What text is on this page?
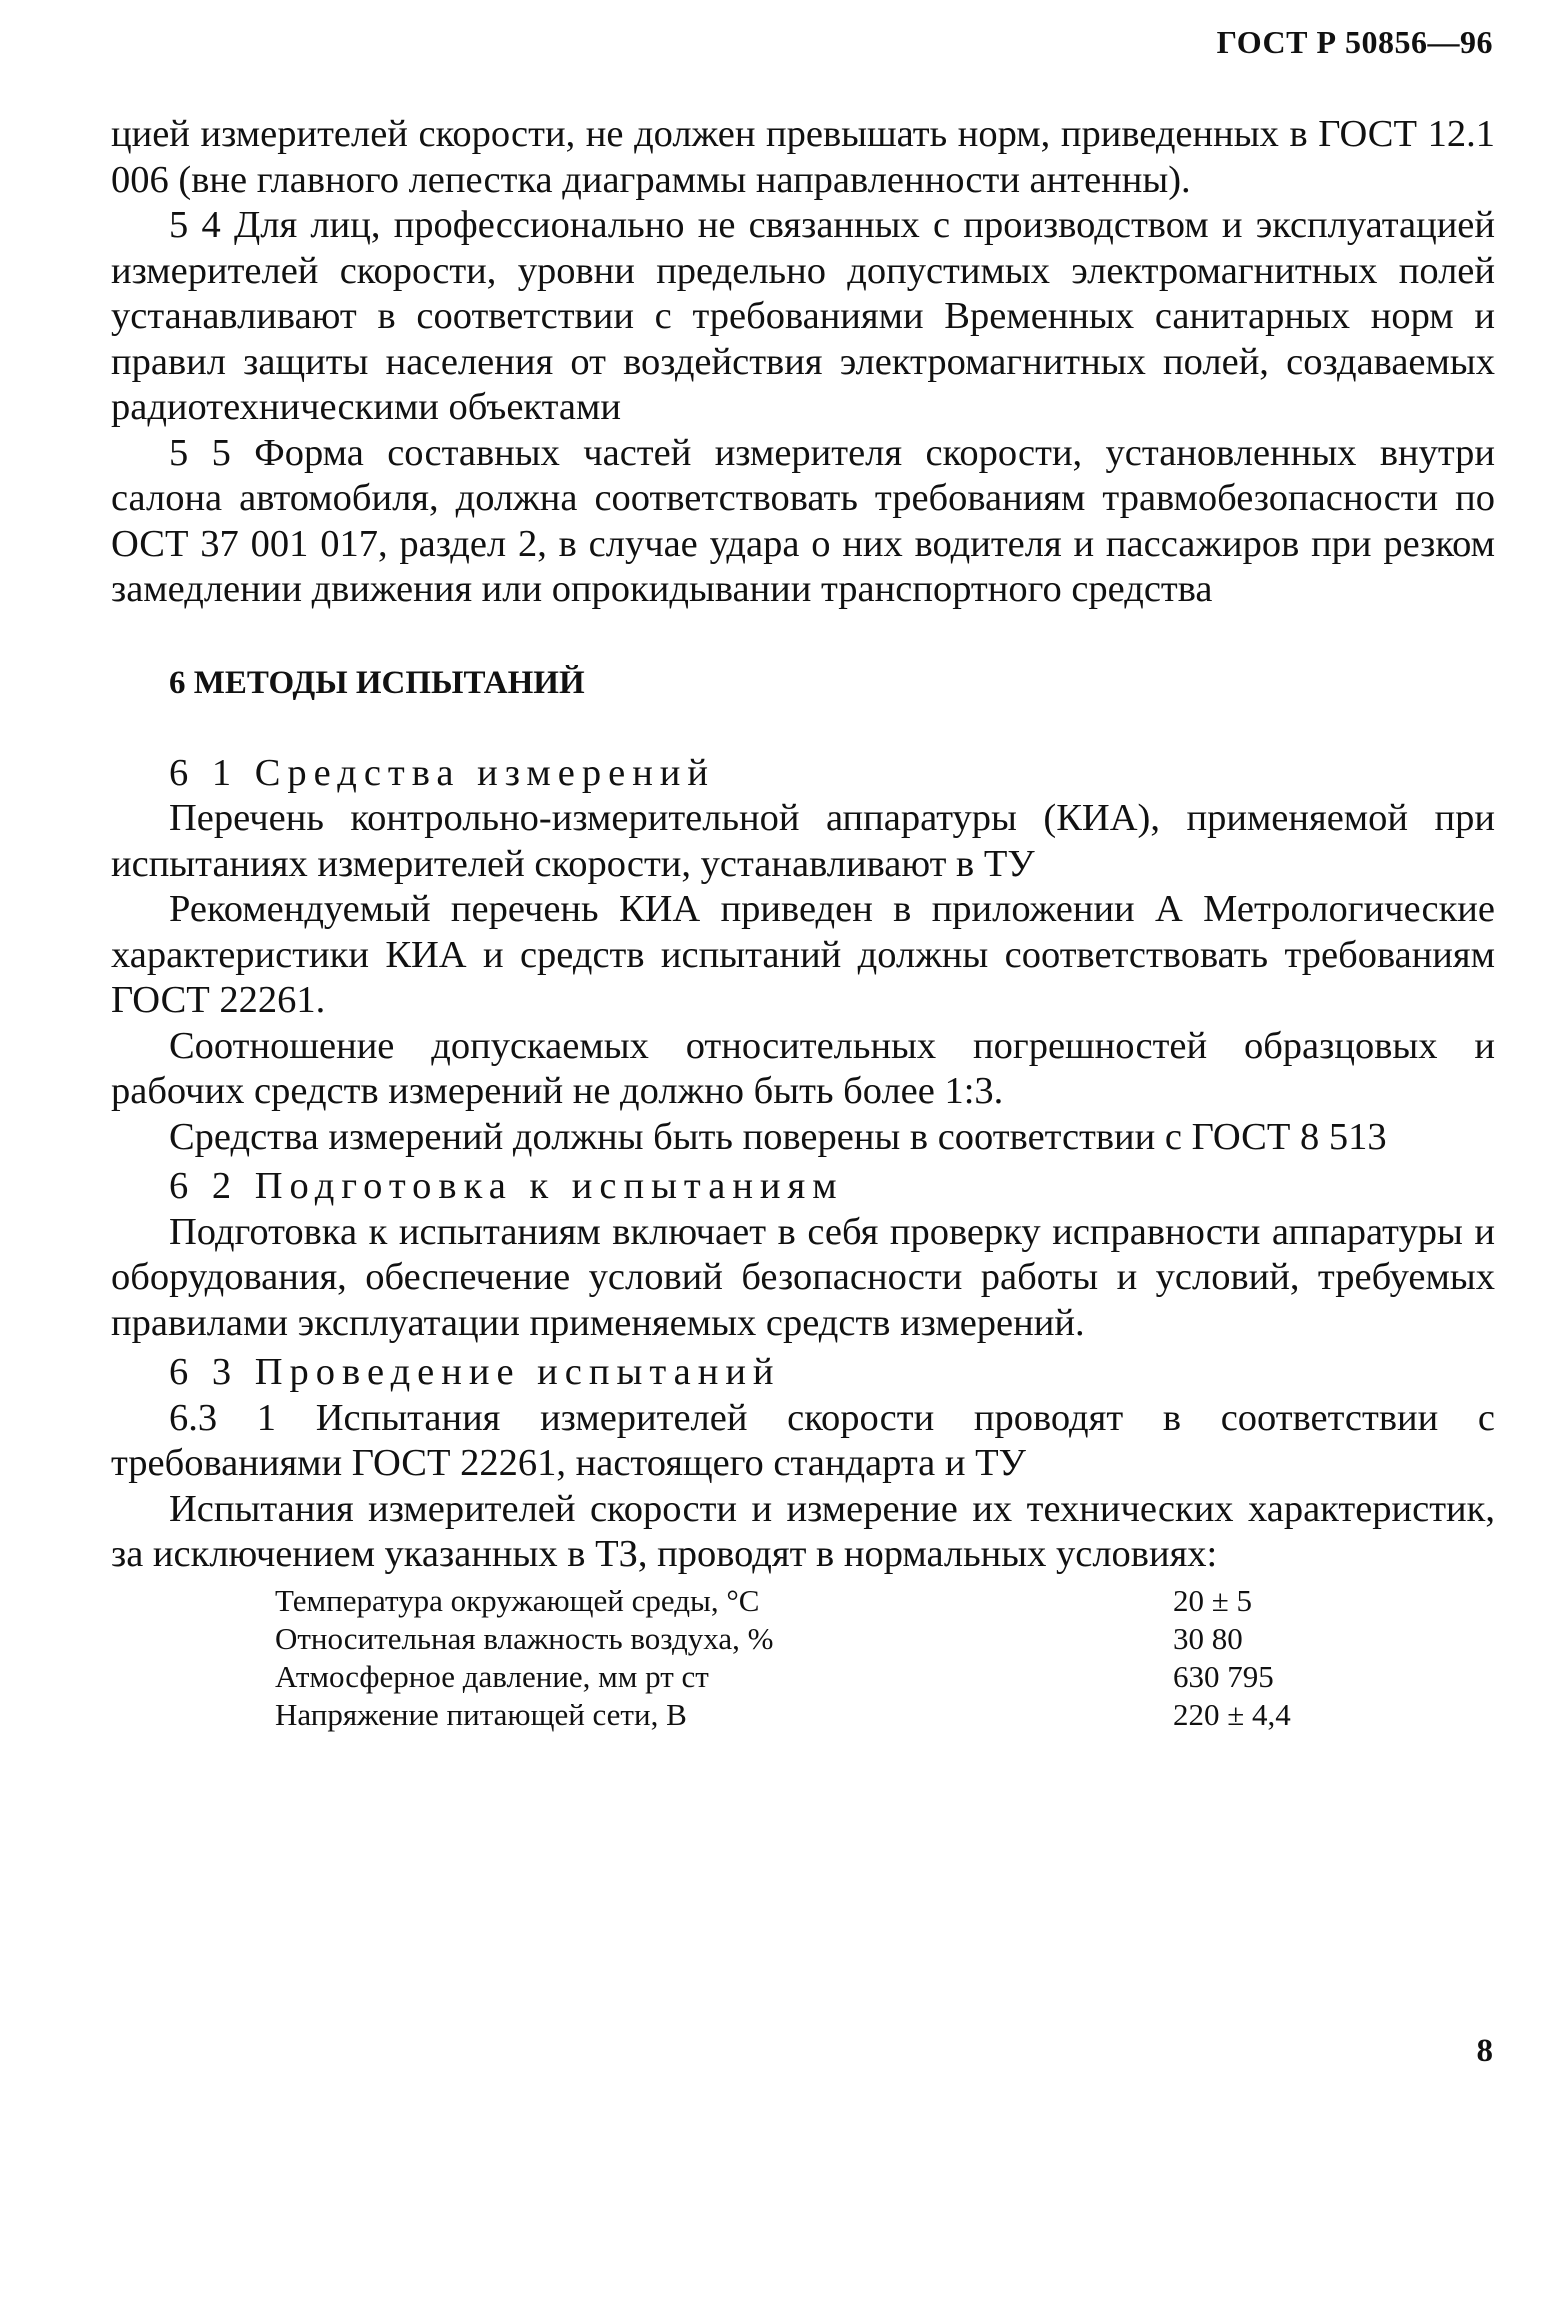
ГОСТ Р 50856—96

цией измерителей скорости, не должен превышать норм, приведенных в ГОСТ 12.1 006 (вне главного лепестка диаграммы направленности антенны).

5 4 Для лиц, профессионально не связанных с производством и эксплуатацией измерителей скорости, уровни предельно допустимых электромагнитных полей устанавливают в соответствии с требованиями Временных санитарных норм и правил защиты населения от воздействия электромагнитных полей, создаваемых радиотехническими объектами

5 5 Форма составных частей измерителя скорости, установленных внутри салона автомобиля, должна соответствовать требованиям травмобезопасности по ОСТ 37 001 017, раздел 2, в случае удара о них водителя и пассажиров при резком замедлении движения или опрокидывании транспортного средства

6 МЕТОДЫ ИСПЫТАНИЙ

6 1 Средства измерений

Перечень контрольно-измерительной аппаратуры (КИА), применяемой при испытаниях измерителей скорости, устанавливают в ТУ

Рекомендуемый перечень КИА приведен в приложении А Метрологические характеристики КИА и средств испытаний должны соответствовать требованиям ГОСТ 22261.

Соотношение допускаемых относительных погрешностей образцовых и рабочих средств измерений не должно быть более 1:3.

Средства измерений должны быть поверены в соответствии с ГОСТ 8 513

6 2 Подготовка к испытаниям

Подготовка к испытаниям включает в себя проверку исправности аппаратуры и оборудования, обеспечение условий безопасности работы и условий, требуемых правилами эксплуатации применяемых средств измерений.

6 3 Проведение испытаний

6.3 1 Испытания измерителей скорости проводят в соответствии с требованиями ГОСТ 22261, настоящего стандарта и ТУ

Испытания измерителей скорости и измерение их технических характеристик, за исключением указанных в ТЗ, проводят в нормальных условиях:

Температура окружающей среды, °С	20 ± 5
Относительная влажность воздуха, %	30 80
Атмосферное давление, мм рт ст	630 795
Напряжение питающей сети, В	220 ± 4,4
8
